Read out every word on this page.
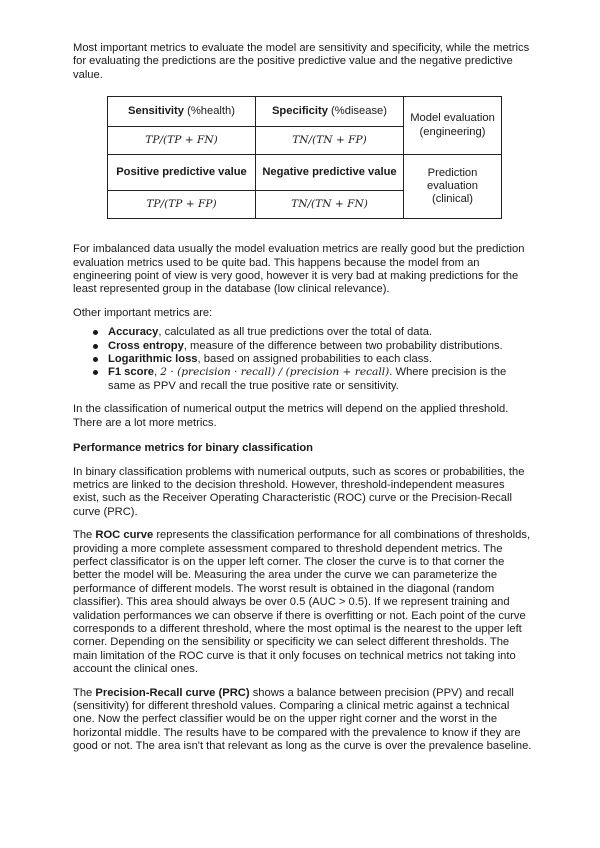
Most important metrics to evaluate the model are sensitivity and specificity, while the metrics for evaluating the predictions are the positive predictive value and the negative predictive value.

Sensitivity (%health)	Specificity (%disease)	Model evaluation (engineering)
TP/(TP + FN)	TN/(TN + FP)	
Positive predictive value	Negative predictive value	Prediction evaluation (clinical)
TP/(TP + FP)	TN/(TN + FN)	

For imbalanced data usually the model evaluation metrics are really good but the prediction evaluation metrics used to be quite bad. This happens because the model from an engineering point of view is very good, however it is very bad at making predictions for the least represented group in the database (low clinical relevance).

Other important metrics are:

Accuracy, calculated as all true predictions over the total of data.
Cross entropy, measure of the difference between two probability distributions.
Logarithmic loss, based on assigned probabilities to each class.
F1 score, 2 · (precision · recall) / (precision + recall). Where precision is the same as PPV and recall the true positive rate or sensitivity.

In the classification of numerical output the metrics will depend on the applied threshold. There are a lot more metrics.

Performance metrics for binary classification

In binary classification problems with numerical outputs, such as scores or probabilities, the metrics are linked to the decision threshold. However, threshold-independent measures exist, such as the Receiver Operating Characteristic (ROC) curve or the Precision-Recall curve (PRC).

The ROC curve represents the classification performance for all combinations of thresholds, providing a more complete assessment compared to threshold dependent metrics. The perfect classificator is on the upper left corner. The closer the curve is to that corner the better the model will be. Measuring the area under the curve we can parameterize the performance of different models. The worst result is obtained in the diagonal (random classifier). This area should always be over 0.5 (AUC > 0.5). If we represent training and validation performances we can observe if there is overfitting or not. Each point of the curve corresponds to a different threshold, where the most optimal is the nearest to the upper left corner. Depending on the sensibility or specificity we can select different thresholds. The main limitation of the ROC curve is that it only focuses on technical metrics not taking into account the clinical ones.

The Precision-Recall curve (PRC) shows a balance between precision (PPV) and recall (sensitivity) for different threshold values. Comparing a clinical metric against a technical one. Now the perfect classifier would be on the upper right corner and the worst in the horizontal middle. The results have to be compared with the prevalence to know if they are good or not. The area isn't that relevant as long as the curve is over the prevalence baseline.
